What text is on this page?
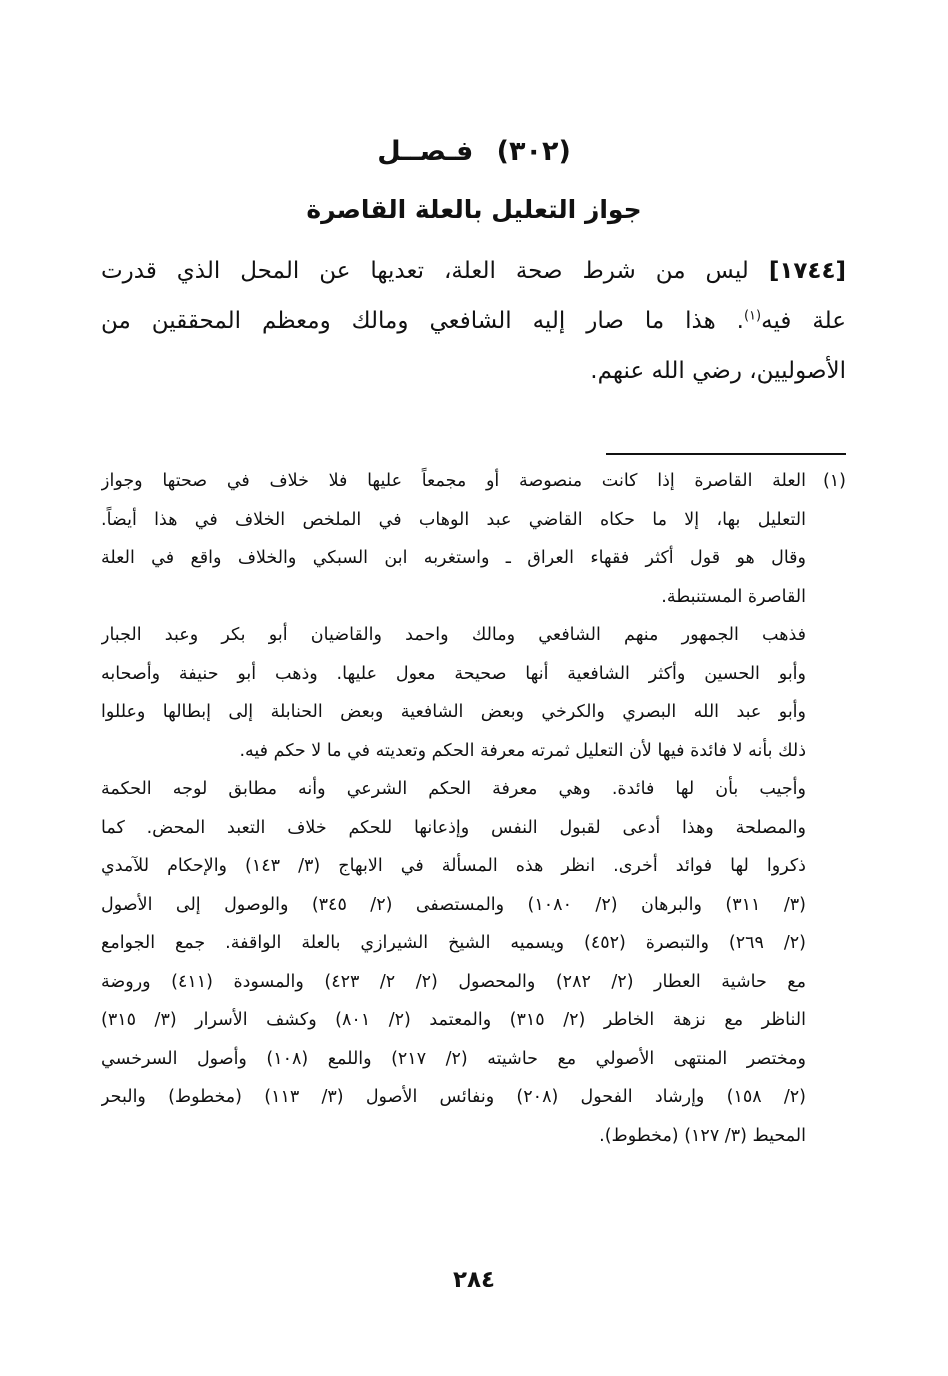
(٣٠٢) فـصــل
جواز التعليل بالعلة القاصرة
[١٧٤٤] ليس من شرط صحة العلة، تعديها عن المحل الذي قدرت
علة فيه$^{(١)}$. هذا ما صار إليه الشافعي ومالك ومعظم المحققين من
الأصوليين، رضي الله عنهم.
(١)
العلة القاصرة إذا كانت منصوصة أو مجمعاً عليها فلا خلاف في صحتها وجواز
التعليل بها، إلا ما حكاه القاضي عبد الوهاب في الملخص الخلاف في هذا أيضاً.
وقال هو قول أكثر فقهاء العراق ـ واستغربه ابن السبكي والخلاف واقع في العلة
القاصرة المستنبطة.
فذهب الجمهور منهم الشافعي ومالك واحمد والقاضيان أبو بكر وعبد الجبار
وأبو الحسين وأكثر الشافعية أنها صحيحة معول عليها. وذهب أبو حنيفة وأصحابه
وأبو عبد الله البصري والكرخي وبعض الشافعية وبعض الحنابلة إلى إبطالها وعللوا
ذلك بأنه لا فائدة فيها لأن التعليل ثمرته معرفة الحكم وتعديته في ما لا حكم فيه.
وأجيب بأن لها فائدة. وهي معرفة الحكم الشرعي وأنه مطابق لوجه الحكمة
والمصلحة وهذا أدعى لقبول النفس وإذعانها للحكم خلاف التعبد المحض. كما
ذكروا لها فوائد أخرى. انظر هذه المسألة في الابهاج (٣/ ١٤٣) والإحكام للآمدي
(٣/ ٣١١) والبرهان (٢/ ١٠٨٠) والمستصفى (٢/ ٣٤٥) والوصول إلى الأصول
(٢/ ٢٦٩) والتبصرة (٤٥٢) ويسميه الشيخ الشيرازي بالعلة الواقفة. جمع الجوامع
مع حاشية العطار (٢/ ٢٨٢) والمحصول (٢/ ٢/ ٤٢٣) والمسودة (٤١١) وروضة
الناظر مع نزهة الخاطر (٢/ ٣١٥) والمعتمد (٢/ ٨٠١) وكشف الأسرار (٣/ ٣١٥)
ومختصر المنتهى الأصولي مع حاشيته (٢/ ٢١٧) واللمع (١٠٨) وأصول السرخسي
(٢/ ١٥٨) وإرشاد الفحول (٢٠٨) ونفائس الأصول (٣/ ١١٣) (مخطوط) والبحر
المحيط (٣/ ١٢٧) (مخطوط).
٢٨٤
